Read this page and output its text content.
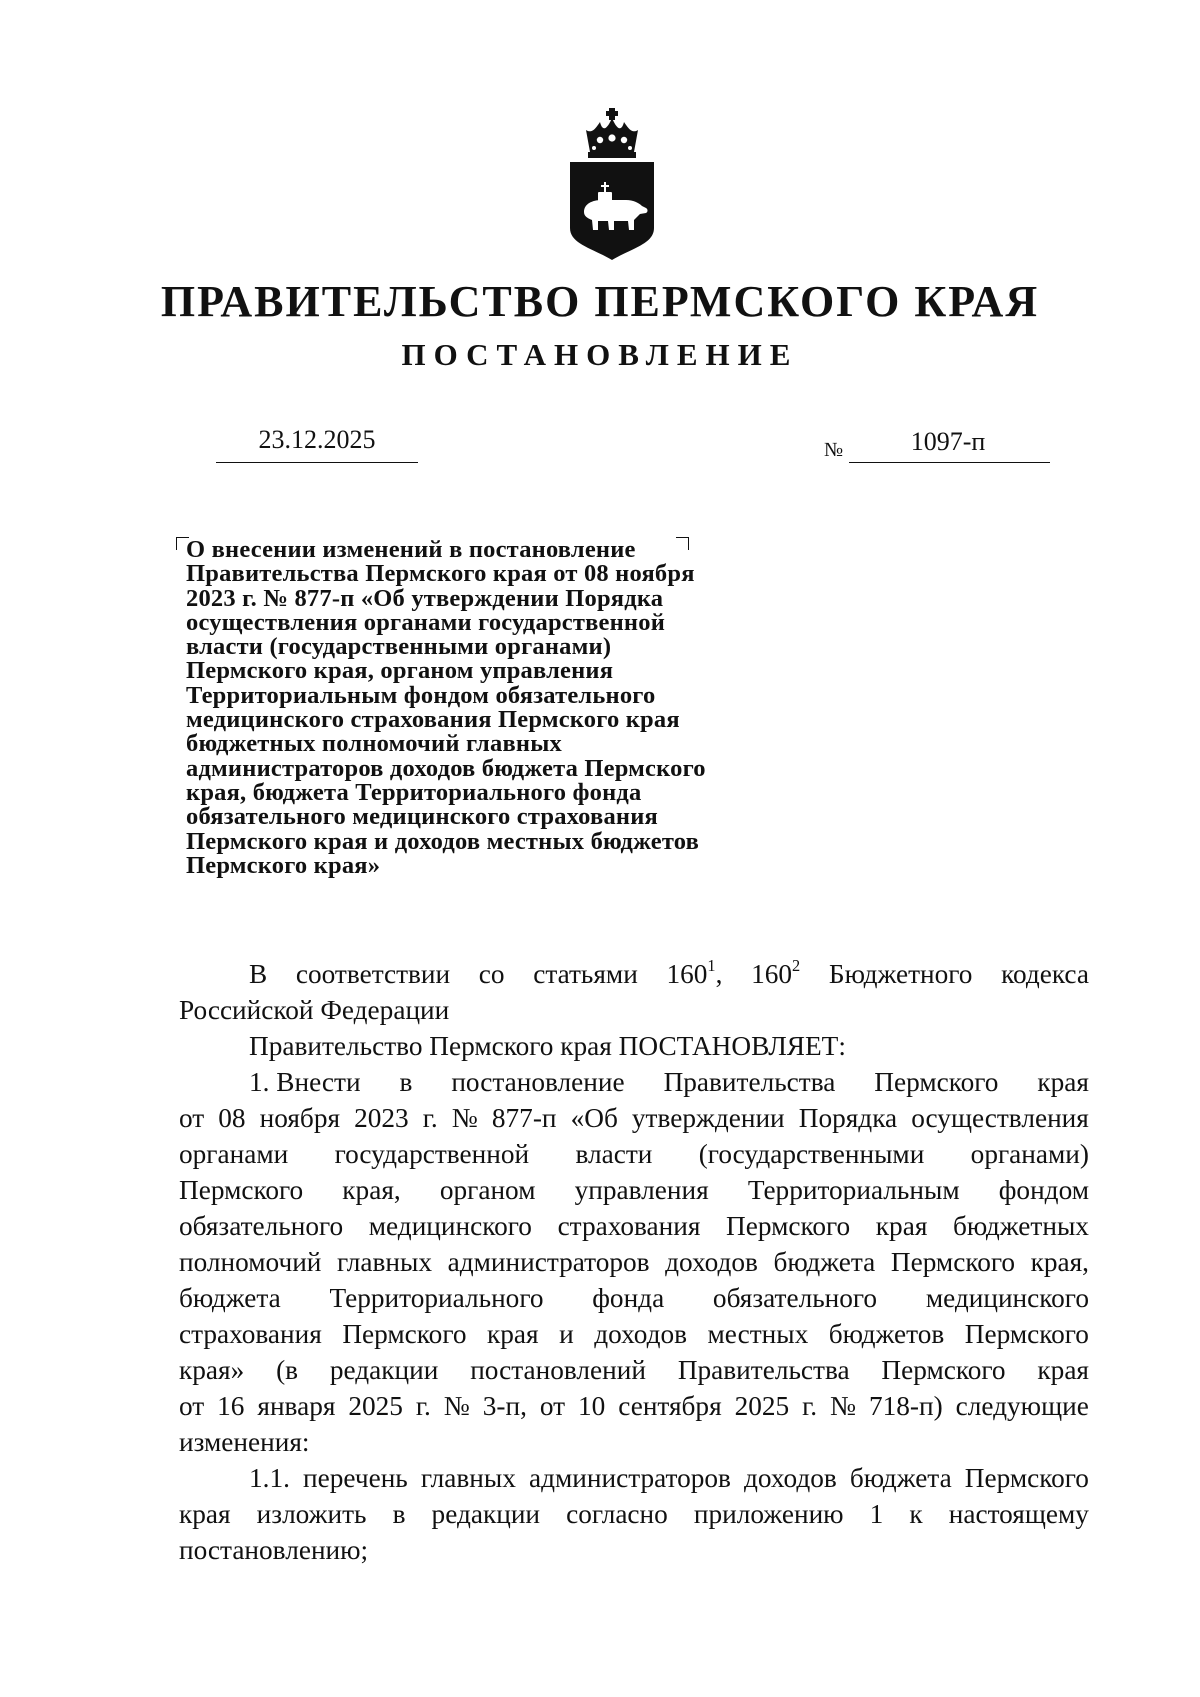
ПРАВИТЕЛЬСТВО ПЕРМСКОГО КРАЯ
ПОСТАНОВЛЕНИЕ
23.12.2025	№	1097-п
О внесении изменений в постановление
Правительства Пермского края от 08 ноября
2023 г. № 877-п «Об утверждении Порядка
осуществления органами государственной
власти (государственными органами)
Пермского края, органом управления
Территориальным фондом обязательного
медицинского страхования Пермского края
бюджетных полномочий главных
администраторов доходов бюджета Пермского
края, бюджета Территориального фонда
обязательного медицинского страхования
Пермского края и доходов местных бюджетов
Пермского края»

В соответствии со статьями $160^1$, $160^2$ Бюджетного кодекса
Российской Федерации

Правительство Пермского края ПОСТАНОВЛЯЕТ:

1. Внести в постановление Правительства Пермского края
от 08 ноября 2023 г. № 877-п «Об утверждении Порядка осуществления
органами государственной власти (государственными органами)
Пермского края, органом управления Территориальным фондом
обязательного медицинского страхования Пермского края бюджетных
полномочий главных администраторов доходов бюджета Пермского края,
бюджета Территориального фонда обязательного медицинского
страхования Пермского края и доходов местных бюджетов Пермского
края» (в редакции постановлений Правительства Пермского края
от 16 января 2025 г. № 3-п, от 10 сентября 2025 г. № 718-п) следующие
изменения:

1.1. перечень главных администраторов доходов бюджета Пермского
края изложить в редакции согласно приложению 1 к настоящему
постановлению;
